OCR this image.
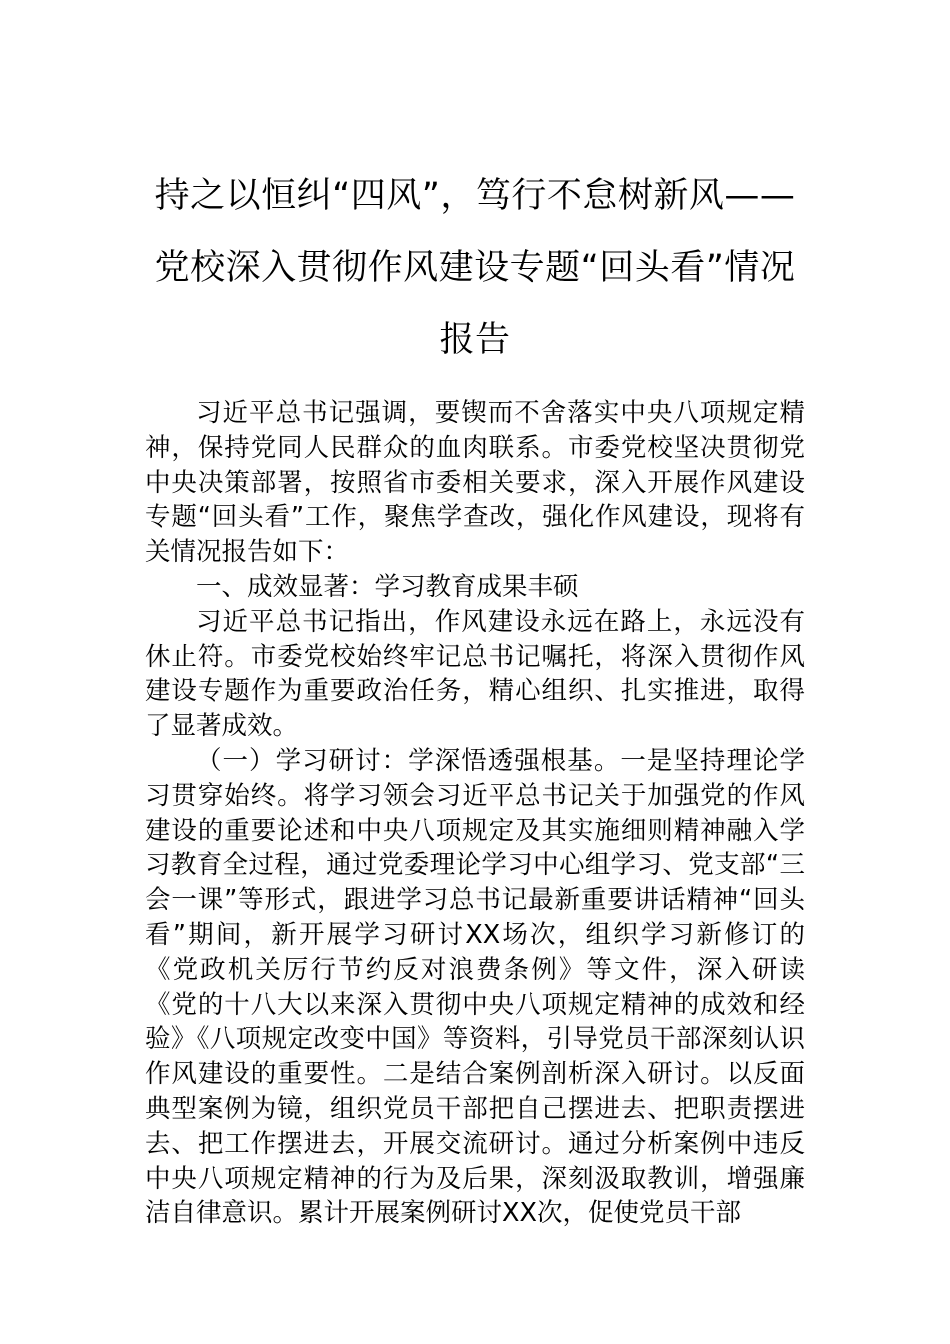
持之以恒纠“四风”，笃行不怠树新风——党校深入贯彻作风建设专题“回头看”情况报告

习近平总书记强调，要锲而不舍落实中央八项规定精神，保持党同人民群众的血肉联系。市委党校坚决贯彻党中央决策部署，按照省市委相关要求，深入开展作风建设专题“回头看”工作，聚焦学查改，强化作风建设，现将有关情况报告如下：

一、成效显著：学习教育成果丰硕

习近平总书记指出，作风建设永远在路上，永远没有休止符。市委党校始终牢记总书记嘱托，将深入贯彻作风建设专题作为重要政治任务，精心组织、扎实推进，取得了显著成效。

（一）学习研讨：学深悟透强根基。一是坚持理论学习贯穿始终。将学习领会习近平总书记关于加强党的作风建设的重要论述和中央八项规定及其实施细则精神融入学习教育全过程，通过党委理论学习中心组学习、党支部“三会一课”等形式，跟进学习总书记最新重要讲话精神“回头看”期间，新开展学习研讨XX场次，组织学习新修订的《党政机关厉行节约反对浪费条例》等文件，深入研读《党的十八大以来深入贯彻中央八项规定精神的成效和经验》《八项规定改变中国》等资料，引导党员干部深刻认识作风建设的重要性。二是结合案例剖析深入研讨。以反面典型案例为镜，组织党员干部把自己摆进去、把职责摆进去、把工作摆进去，开展交流研讨。通过分析案例中违反中央八项规定精神的行为及后果，深刻汲取教训，增强廉洁自律意识。累计开展案例研讨XX次，促使党员干部
